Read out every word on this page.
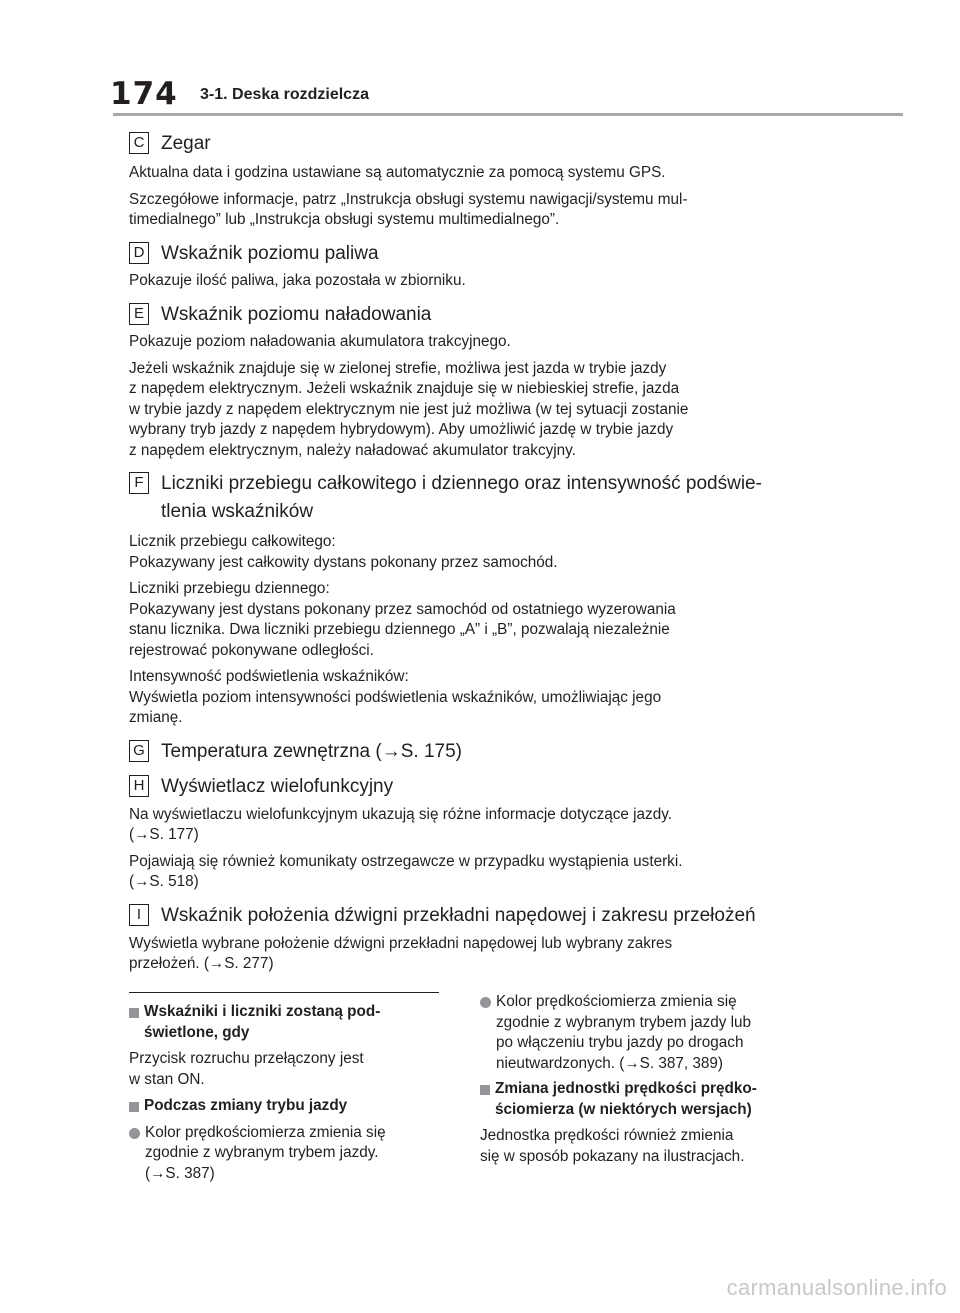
174 3-1. Deska rozdzielcza
C Zegar

Aktualna data i godzina ustawiane są automatycznie za pomocą systemu GPS.

Szczegółowe informacje, patrz „Instrukcja obsługi systemu nawigacji/systemu mul-
timedialnego” lub „Instrukcja obsługi systemu multimedialnego”.

D Wskaźnik poziomu paliwa

Pokazuje ilość paliwa, jaka pozostała w zbiorniku.

E Wskaźnik poziomu naładowania

Pokazuje poziom naładowania akumulatora trakcyjnego.

Jeżeli wskaźnik znajduje się w zielonej strefie, możliwa jest jazda w trybie jazdy
z napędem elektrycznym. Jeżeli wskaźnik znajduje się w niebieskiej strefie, jazda
w trybie jazdy z napędem elektrycznym nie jest już możliwa (w tej sytuacji zostanie
wybrany tryb jazdy z napędem hybrydowym). Aby umożliwić jazdę w trybie jazdy
z napędem elektrycznym, należy naładować akumulator trakcyjny.

F Liczniki przebiegu całkowitego i dziennego oraz intensywność podświe-
tlenia wskaźników

Licznik przebiegu całkowitego:
Pokazywany jest całkowity dystans pokonany przez samochód.

Liczniki przebiegu dziennego:
Pokazywany jest dystans pokonany przez samochód od ostatniego wyzerowania
stanu licznika. Dwa liczniki przebiegu dziennego „A” i „B”, pozwalają niezależnie
rejestrować pokonywane odległości.

Intensywność podświetlenia wskaźników:
Wyświetla poziom intensywności podświetlenia wskaźników, umożliwiając jego
zmianę.

G Temperatura zewnętrzna (→S. 175)
H Wyświetlacz wielofunkcyjny

Na wyświetlaczu wielofunkcyjnym ukazują się różne informacje dotyczące jazdy.
(→S. 177)

Pojawiają się również komunikaty ostrzegawcze w przypadku wystąpienia usterki.
(→S. 518)

I	Wskaźnik położenia dźwigni przekładni napędowej i zakresu przełożeń

Wyświetla wybrane położenie dźwigni przekładni napędowej lub wybrany zakres
przełożeń. (→S. 277)

Wskaźniki i liczniki zostaną pod-
świetlone, gdy

Przycisk rozruchu przełączony jest
w stan ON.

Podczas zmiany trybu jazdy
Kolor prędkościomierza zmienia się
zgodnie z wybranym trybem jazdy.
(→S. 387)
Kolor prędkościomierza zmienia się
zgodnie z wybranym trybem jazdy lub
po włączeniu trybu jazdy po drogach
nieutwardzonych. (→S. 387, 389)
Zmiana jednostki prędkości prędko-
ściomierza (w niektórych wersjach)

Jednostka prędkości również zmienia
się w sposób pokazany na ilustracjach.

carmanualsonline.info
